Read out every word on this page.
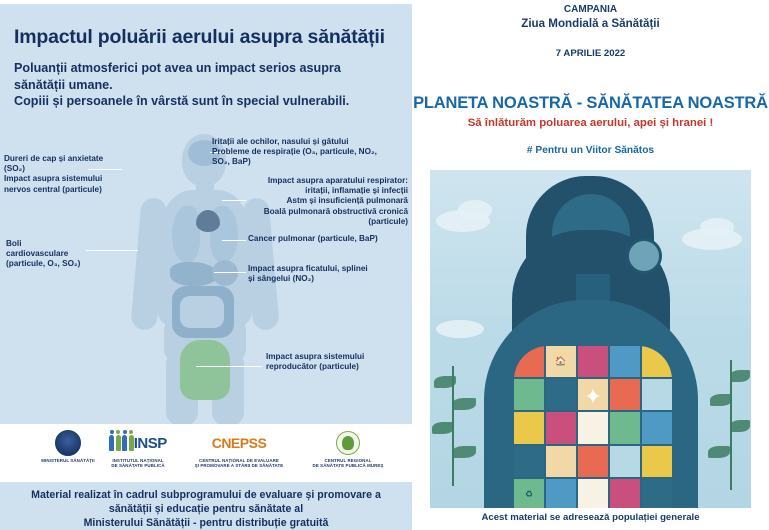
Impactul poluării aerului asupra sănătății
Poluanții atmosferici pot avea un impact serios asupra
sănătății umane.
Copiii și persoanele în vârstă sunt în special vulnerabili.
Dureri de cap și anxietate (SO₂)
Impact asupra sistemului
nervos central (particule)
Iritații ale ochilor, nasului și gâtului
Probleme de respirație (O₃, particule, NO₂,
SO₂, BaP)
Impact asupra aparatului respirator:
iritații, inflamație și infecții
Astm și insuficiență pulmonară
Boală pulmonară obstructivă cronică
(particule)
Cancer pulmonar (particule, BaP)
Boli
cardiovasculare
(particule, O₃, SO₂)
Impact asupra ficatului, splinei
și sângelui (NO₂)
Impact asupra sistemului
reproducător (particule)
MINISTERUL SĂNĂTĂȚII
INSP
INSTITUTUL NAȚIONAL
DE SĂNĂTATE PUBLICĂ
CNEPSS
CENTRUL NAȚIONAL DE EVALUARE
ȘI PROMOVARE A STĂRII DE SĂNĂTATE
CENTRUL REGIONAL
DE SĂNĂTATE PUBLICĂ MUREȘ
Material realizat în cadrul subprogramului de evaluare și promovare a
sănătății și educație pentru sănătate al
Ministerului Sănătății - pentru distribuție gratuită
CAMPANIA
Ziua Mondială a Sănătății
7 APRILIE 2022
PLANETA NOASTRĂ - SĂNĂTATEA NOASTRĂ
Să înlăturăm poluarea aerului, apei și hranei !
# Pentru un Viitor Sănătos
🏠
♻
✦
Acest material se adresează populației generale
